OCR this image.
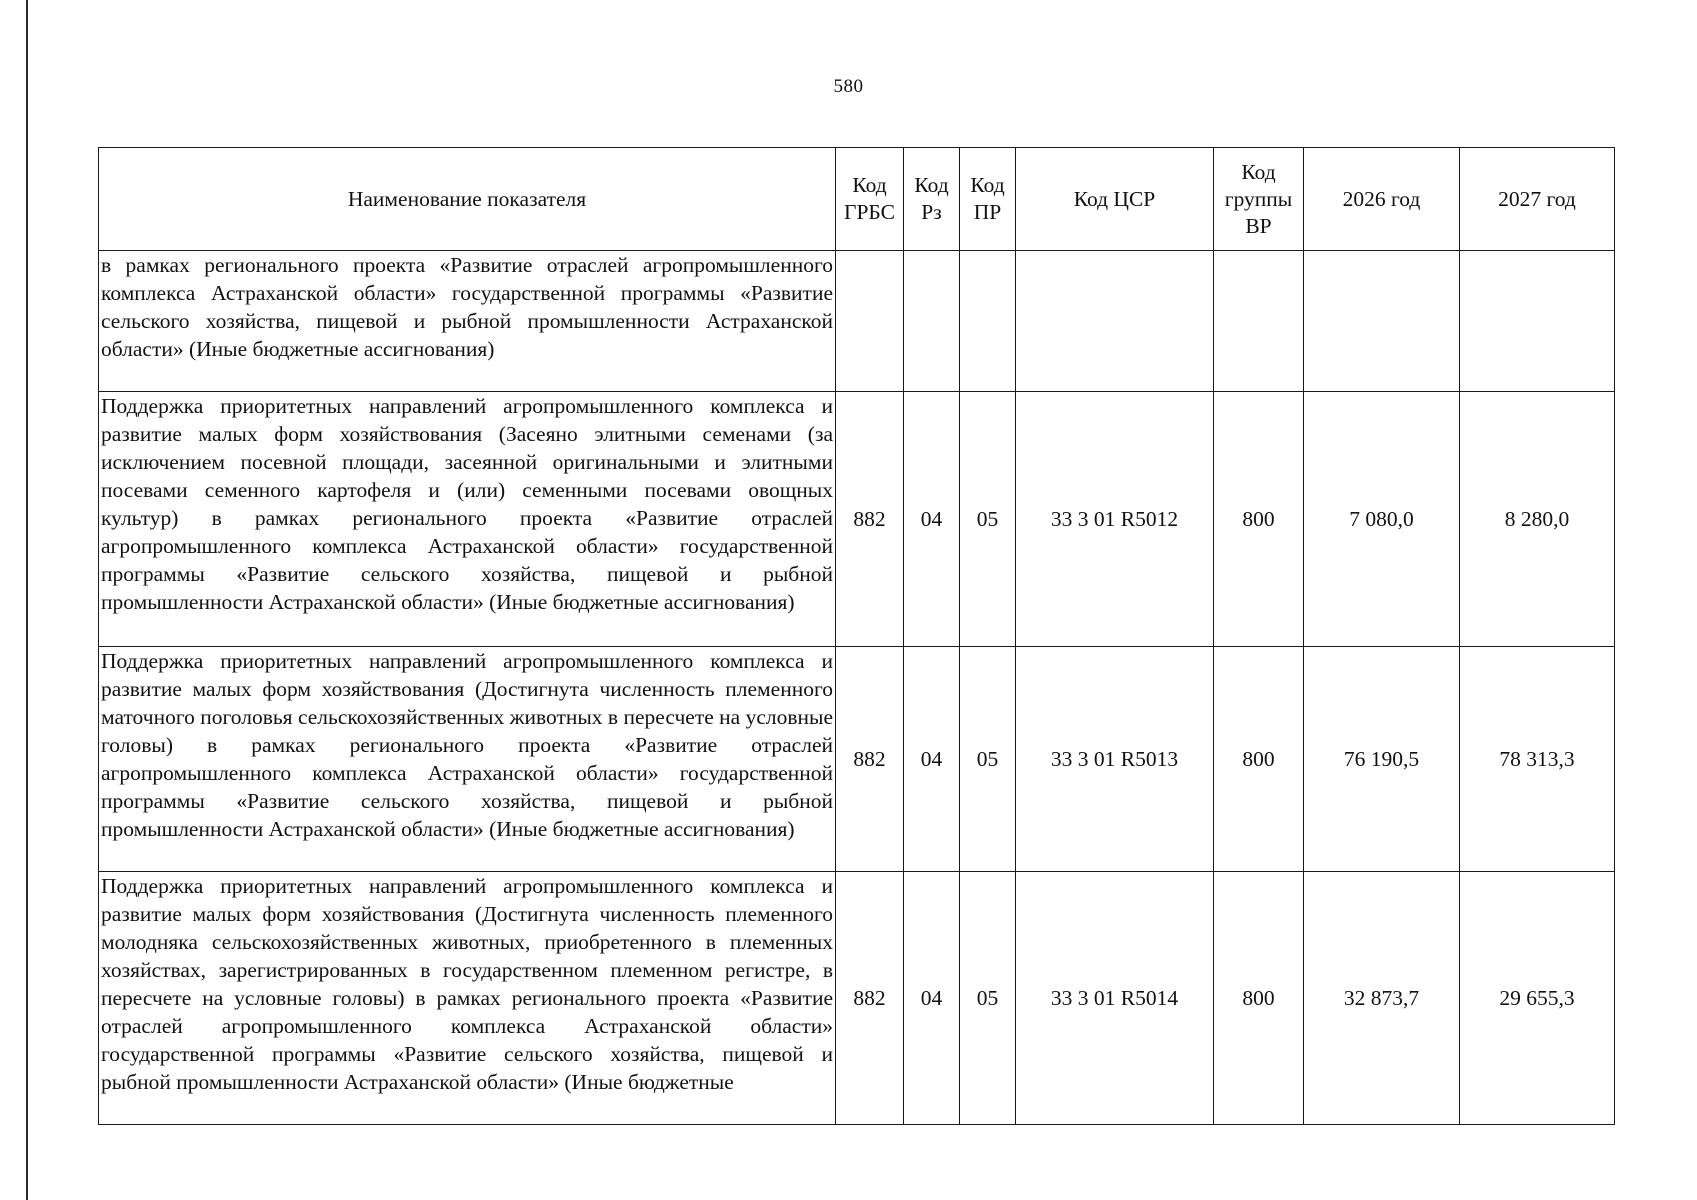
580
Наименование показателя	Код ГРБС	Код Рз	Код ПР	Код ЦСР	Код группы ВР	2026 год	2027 год
в рамках регионального проекта «Развитие отраслей агропромышленного комплекса Астраханской области» государственной программы «Развитие сельского хозяйства, пищевой и рыбной промышленности Астраханской области» (Иные бюджетные ассигнования)							
Поддержка приоритетных направлений агропромышленного комплекса и развитие малых форм хозяйствования (Засеяно элитными семенами (за исключением посевной площади, засеянной оригинальными и элитными посевами семенного картофеля и (или) семенными посевами овощных культур) в рамках регионального проекта «Развитие отраслей агропромышленного комплекса Астраханской области» государственной программы «Развитие сельского хозяйства, пищевой и рыбной промышленности Астраханской области» (Иные бюджетные ассигнования)	882	04	05	33 3 01 R5012	800	7 080,0	8 280,0
Поддержка приоритетных направлений агропромышленного комплекса и развитие малых форм хозяйствования (Достигнута численность племенного маточного поголовья сельскохозяйственных животных в пересчете на условные головы) в рамках регионального проекта «Развитие отраслей агропромышленного комплекса Астраханской области» государственной программы «Развитие сельского хозяйства, пищевой и рыбной промышленности Астраханской области» (Иные бюджетные ассигнования)	882	04	05	33 3 01 R5013	800	76 190,5	78 313,3

Поддержка приоритетных направлений агропромышленного комплекса и развитие малых форм хозяйствования (Достигнута численность племенного молодняка сельскохозяйственных животных, приобретенного в племенных хозяйствах, зарегистрированных в государственном племенном регистре, в пересчете на условные головы) в рамках регионального проекта «Развитие отраслей агропромышленного комплекса Астраханской области» государственной программы «Развитие сельского хозяйства, пищевой и рыбной промышленности Астраханской области» (Иные бюджетные	882	04	05	33 3 01 R5014	800	32 873,7	29 655,3
